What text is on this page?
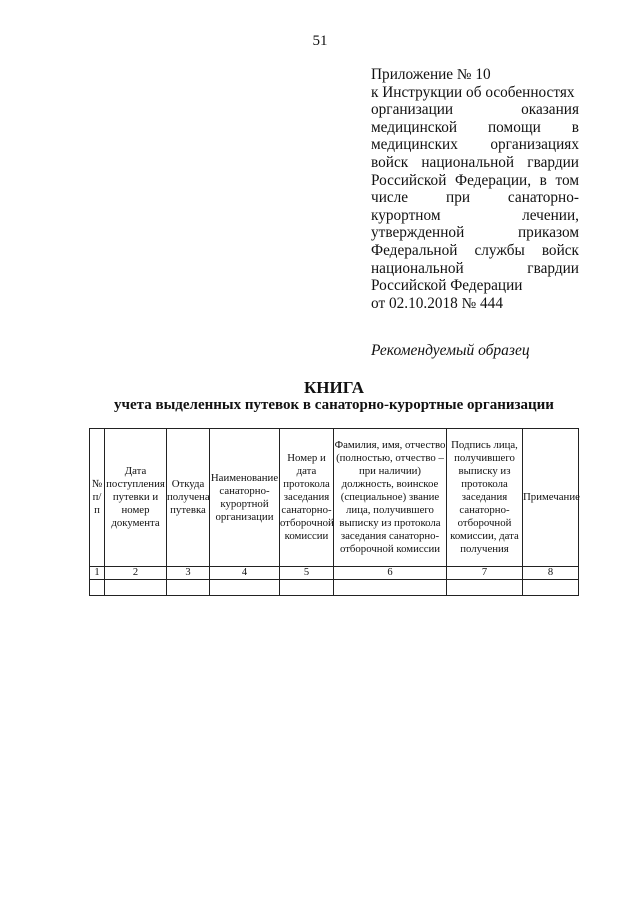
51
Приложение № 10
к Инструкции об особенностях
организации оказания
медицинской помощи в
медицинских организациях
войск национальной гвардии
Российской Федерации, в том
числе при санаторно-
курортном лечении,
утвержденной приказом
Федеральной службы войск
национальной гвардии
Российской Федерации
от 02.10.2018 № 444
Рекомендуемый образец
КНИГА
учета выделенных путевок в санаторно-курортные организации
№ п/п	Дата поступления путевки и номер документа	Откуда получена путевка	Наименование санаторно-курортной организации	Номер и дата протокола заседания санаторно-отборочной комиссии	Фамилия, имя, отчество (полностью, отчество – при наличии) должность, воинское (специальное) звание лица, получившего выписку из протокола заседания санаторно-отборочной комиссии	Подпись лица, получившего выписку из протокола заседания санаторно-отборочной комиссии, дата получения	Примечание
1	2	3	4	5	6	7	8
